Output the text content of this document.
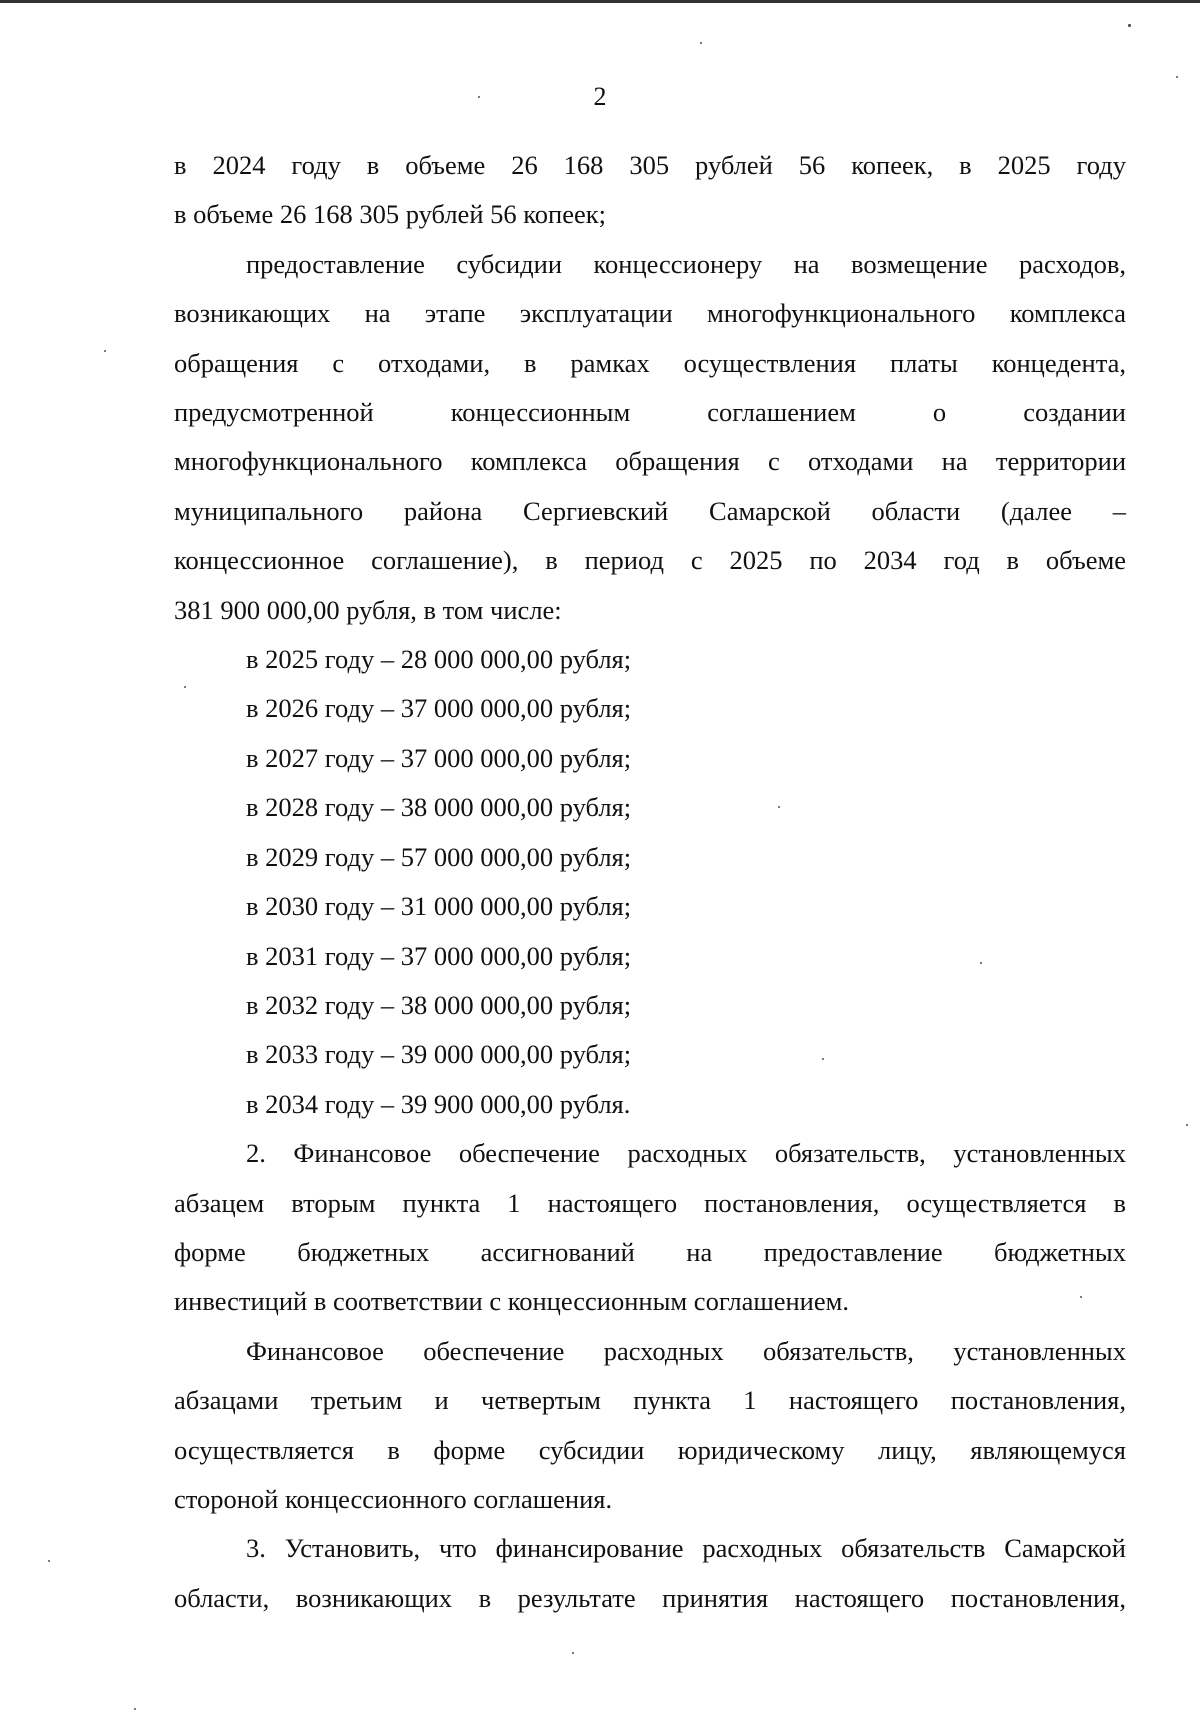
2

в 2024 году в объеме 26 168 305 рублей 56 копеек, в 2025 году

в объеме 26 168 305 рублей 56 копеек;

предоставление субсидии концессионеру на возмещение расходов,

возникающих на этапе эксплуатации многофункционального комплекса

обращения с отходами, в рамках осуществления платы концедента,

предусмотренной концессионным соглашением о создании

многофункционального комплекса обращения с отходами на территории

муниципального района Сергиевский Самарской области (далее –

концессионное соглашение), в период с 2025 по 2034 год в объеме

381 900 000,00 рубля, в том числе:

в 2025 году – 28 000 000,00 рубля;

в 2026 году – 37 000 000,00 рубля;

в 2027 году – 37 000 000,00 рубля;

в 2028 году – 38 000 000,00 рубля;

в 2029 году – 57 000 000,00 рубля;

в 2030 году – 31 000 000,00 рубля;

в 2031 году – 37 000 000,00 рубля;

в 2032 году – 38 000 000,00 рубля;

в 2033 году – 39 000 000,00 рубля;

в 2034 году – 39 900 000,00 рубля.

2. Финансовое обеспечение расходных обязательств, установленных

абзацем вторым пункта 1 настоящего постановления, осуществляется в

форме бюджетных ассигнований на предоставление бюджетных

инвестиций в соответствии с концессионным соглашением.

Финансовое обеспечение расходных обязательств, установленных

абзацами третьим и четвертым пункта 1 настоящего постановления,

осуществляется в форме субсидии юридическому лицу, являющемуся

стороной концессионного соглашения.

3. Установить, что финансирование расходных обязательств Самарской

области, возникающих в результате принятия настоящего постановления,
